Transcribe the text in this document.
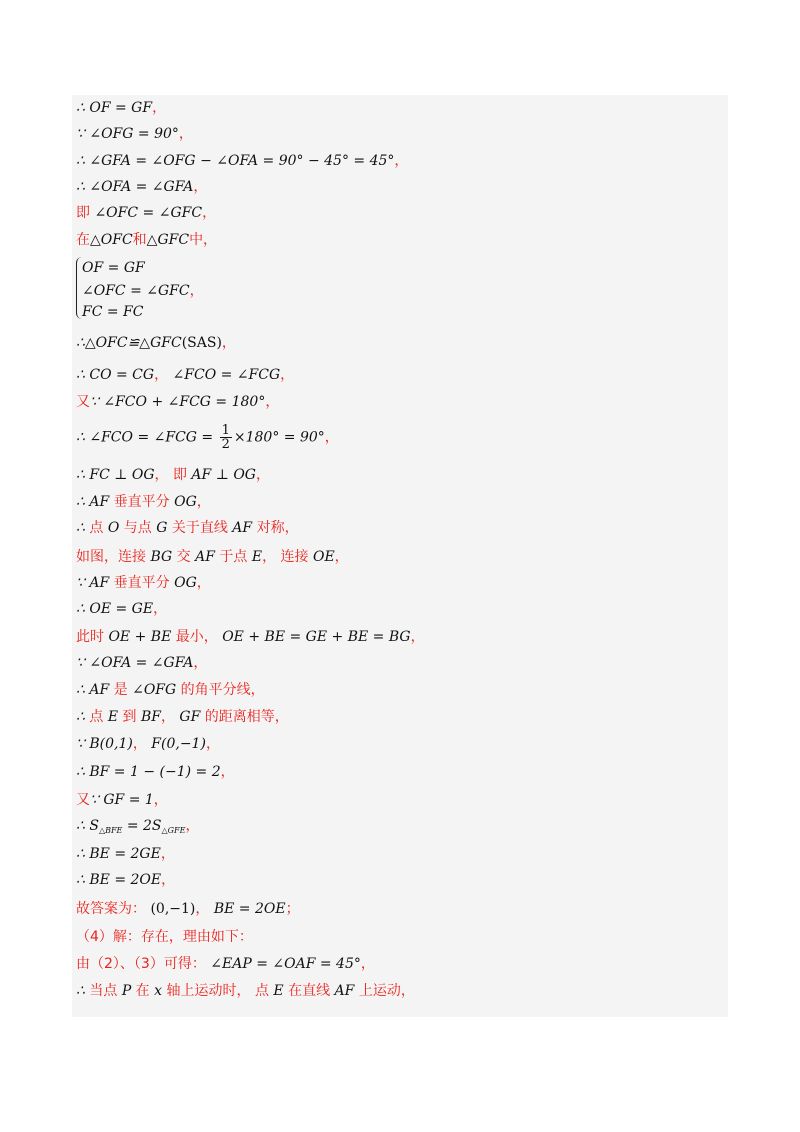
∴ OF = GF，
∵ ∠OFG = 90°，
∴ ∠GFA = ∠OFG − ∠OFA = 90° − 45° = 45°，
∴ ∠OFA = ∠GFA，
即 ∠OFC = ∠GFC，
在△OFC和△GFC中，
OF = GF
∠OFC = ∠GFC，
FC = FC
∴△OFC≌△GFC(SAS)，
∴ CO = CG， ∠FCO = ∠FCG，
又∵ ∠FCO + ∠FCG = 180°，
∴ ∠FCO = ∠FCG = $\frac{1}{2} \times 180^\circ = 90^\circ$，
∴ FC ⊥ OG， 即 AF ⊥ OG，
∴ AF 垂直平分 OG，
∴ 点 O 与点 G 关于直线 AF 对称，
如图，连接 BG 交 AF 于点 E， 连接 OE，
∵ AF 垂直平分 OG，
∴ OE = GE，
此时 OE + BE 最小， OE + BE = GE + BE = BG，
∵ ∠OFA = ∠GFA，
∴ AF 是 ∠OFG 的角平分线，
∴ 点 E 到 BF， GF 的距离相等，
∵ B(0,1)， F(0,−1)，
∴ BF = 1 − (−1) = 2，
又∵ GF = 1，
∴ $S_{\triangle BFE} = 2S_{\triangle GFE}$，
∴ BE = 2GE，
∴ BE = 2OE，
故答案为： (0,−1)， BE = 2OE；
（4）解：存在，理由如下：
由（2）、（3）可得： ∠EAP = ∠OAF = 45°，
∴ 当点 P 在 x 轴上运动时， 点 E 在直线 AF 上运动，
